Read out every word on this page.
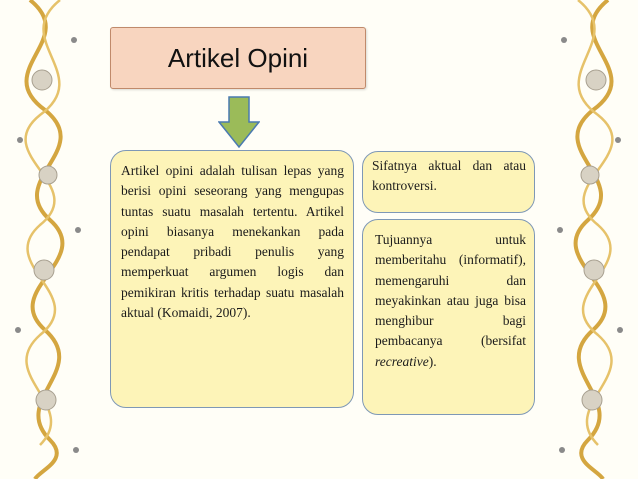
Artikel Opini

Artikel opini adalah tulisan lepas yang berisi opini seseorang yang mengupas tuntas suatu masalah tertentu. Artikel opini biasanya menekankan pada pendapat pribadi penulis yang memperkuat argumen logis dan pemikiran kritis terhadap suatu masalah aktual (Komaidi, 2007).

Sifatnya aktual dan atau kontroversi.

Tujuannya untuk memberitahu (informatif), memengaruhi dan meyakinkan atau juga bisa menghibur bagi pembacanya (bersifat recreative).
